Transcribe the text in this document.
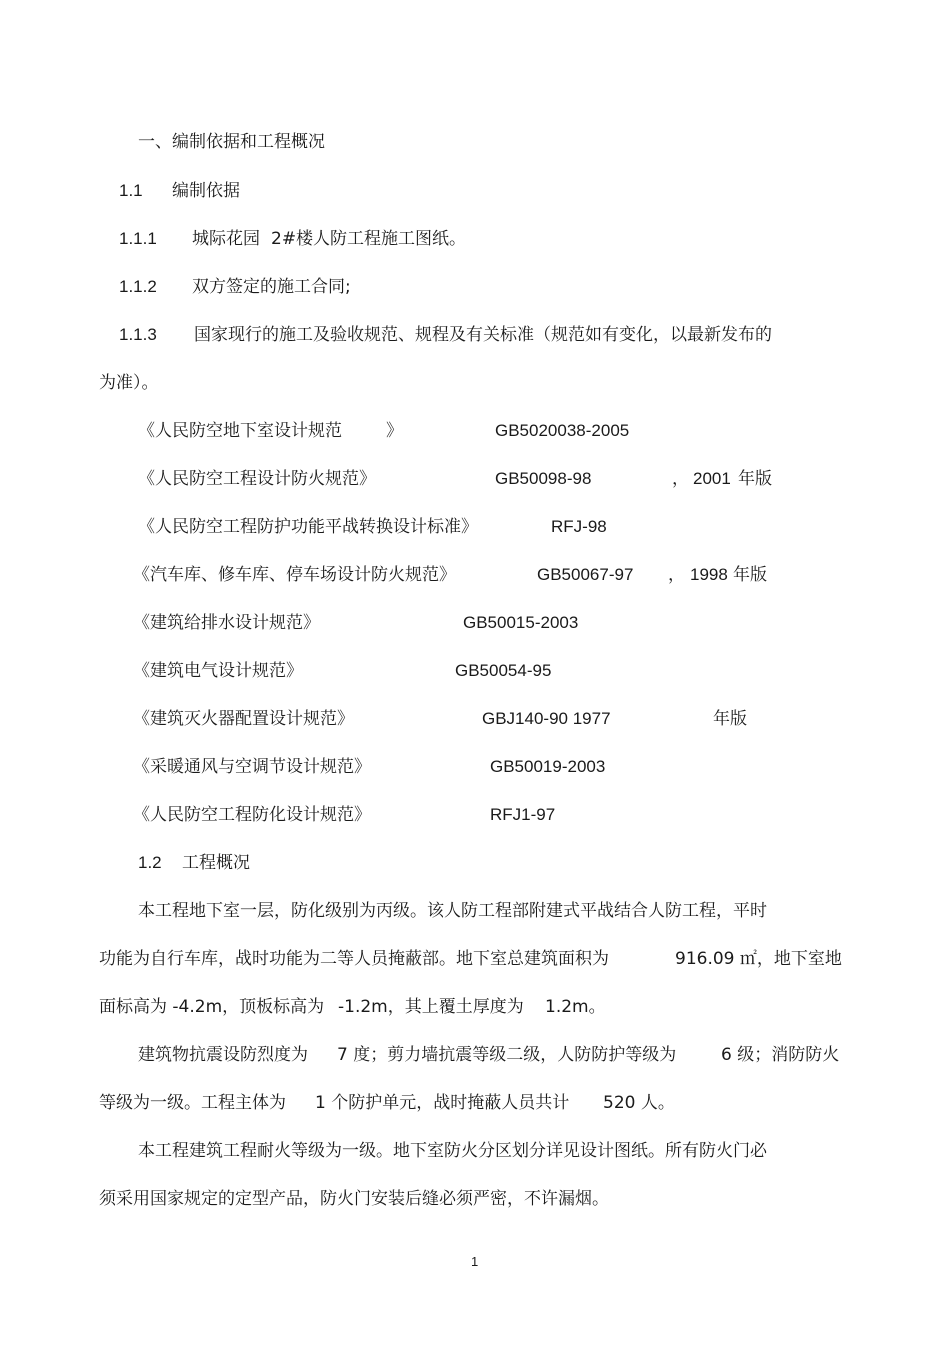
一、编制依据和工程概况
1.1 编制依据
1.1.1 城际花园 2#楼人防工程施工图纸。
1.1.2 双方签定的施工合同;
1.1.3 国家现行的施工及验收规范、规程及有关标准（规范如有变化，以最新发布的
为准）。
《人民防空地下室设计规范	》	GB5020038-2005
《人民防空工程设计防火规范》	GB50098-98	， 2001 年版
《人民防空工程防护功能平战转换设计标准》	RFJ-98
《汽车库、修车库、停车场设计防火规范》	GB50067-97 ， 1998 年版
《建筑给排水设计规范》	GB50015-2003
《建筑电气设计规范》	GB50054-95
《建筑灭火器配置设计规范》	GBJ140-90 1977	年版
《采暖通风与空调节设计规范》	GB50019-2003
《人民防空工程防化设计规范》	RFJ1-97
1.2 工程概况
本工程地下室一层，防化级别为丙级。该人防工程部附建式平战结合人防工程，平时
功能为自行车库，战时功能为二等人员掩蔽部。地下室总建筑面积为	916.09 ㎡，地下室地
面标高为 -4.2m，顶板标高为 -1.2m，其上覆土厚度为 1.2m。
建筑物抗震设防烈度为 7 度；剪力墙抗震等级二级，人防防护等级为	6 级；消防防火
等级为一级。工程主体为 1 个防护单元，战时掩蔽人员共计 520 人。
本工程建筑工程耐火等级为一级。地下室防火分区划分详见设计图纸。所有防火门必
须采用国家规定的定型产品，防火门安装后缝必须严密，不许漏烟。
1
